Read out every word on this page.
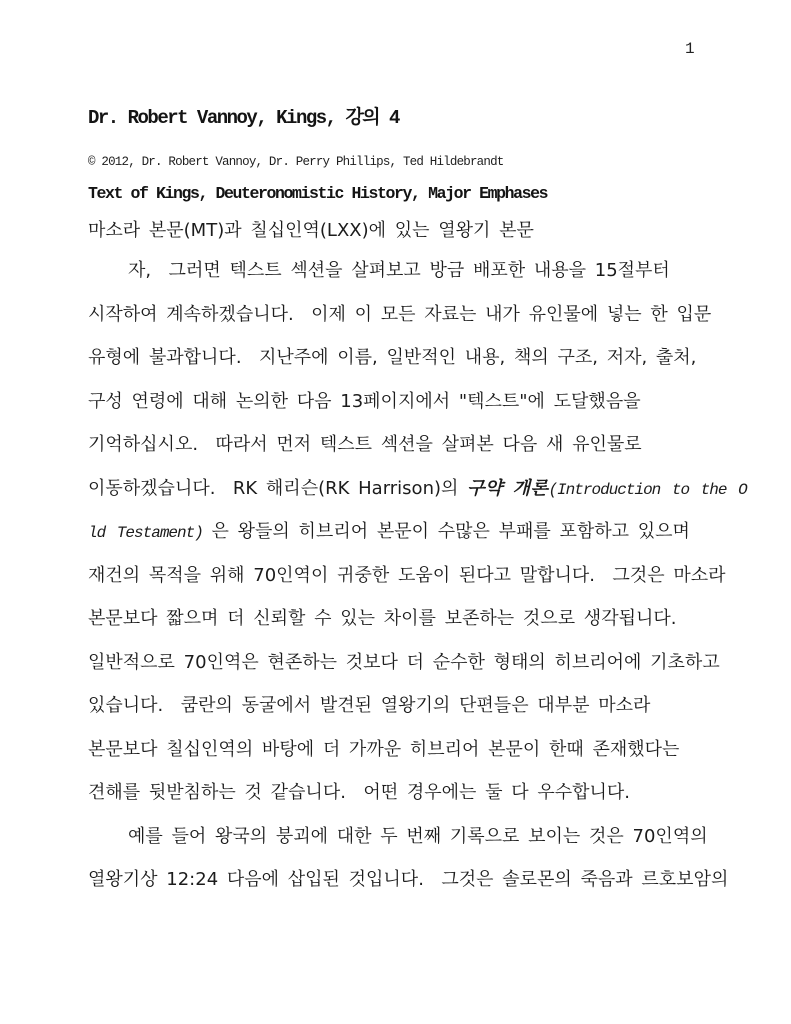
1
Dr. Robert Vannoy, Kings, 강의 4
© 2012, Dr. Robert Vannoy, Dr. Perry Phillips, Ted Hildebrandt
Text of Kings, Deuteronomistic History, Major Emphases
마소라 본문(MT)과 칠십인역(LXX)에 있는 열왕기 본문
자,  그러면 텍스트 섹션을 살펴보고 방금 배포한 내용을 15절부터
시작하여 계속하겠습니다.  이제 이 모든 자료는 내가 유인물에 넣는 한 입문
유형에 불과합니다.  지난주에 이름, 일반적인 내용, 책의 구조, 저자, 출처,
구성 연령에 대해 논의한 다음 13페이지에서 "텍스트"에 도달했음을
기억하십시오.  따라서 먼저 텍스트 섹션을 살펴본 다음 새 유인물로
이동하겠습니다.  RK 해리슨(RK Harrison)의 구약 개론(Introduction to the O
ld Testament) 은 왕들의 히브리어 본문이 수많은 부패를 포함하고 있으며
재건의 목적을 위해 70인역이 귀중한 도움이 된다고 말합니다.  그것은 마소라
본문보다 짧으며 더 신뢰할 수 있는 차이를 보존하는 것으로 생각됩니다.
일반적으로 70인역은 현존하는 것보다 더 순수한 형태의 히브리어에 기초하고
있습니다.  쿰란의 동굴에서 발견된 열왕기의 단편들은 대부분 마소라
본문보다 칠십인역의 바탕에 더 가까운 히브리어 본문이 한때 존재했다는
견해를 뒷받침하는 것 같습니다.  어떤 경우에는 둘 다 우수합니다.
예를 들어 왕국의 붕괴에 대한 두 번째 기록으로 보이는 것은 70인역의
열왕기상 12:24 다음에 삽입된 것입니다.  그것은 솔로몬의 죽음과 르호보암의
